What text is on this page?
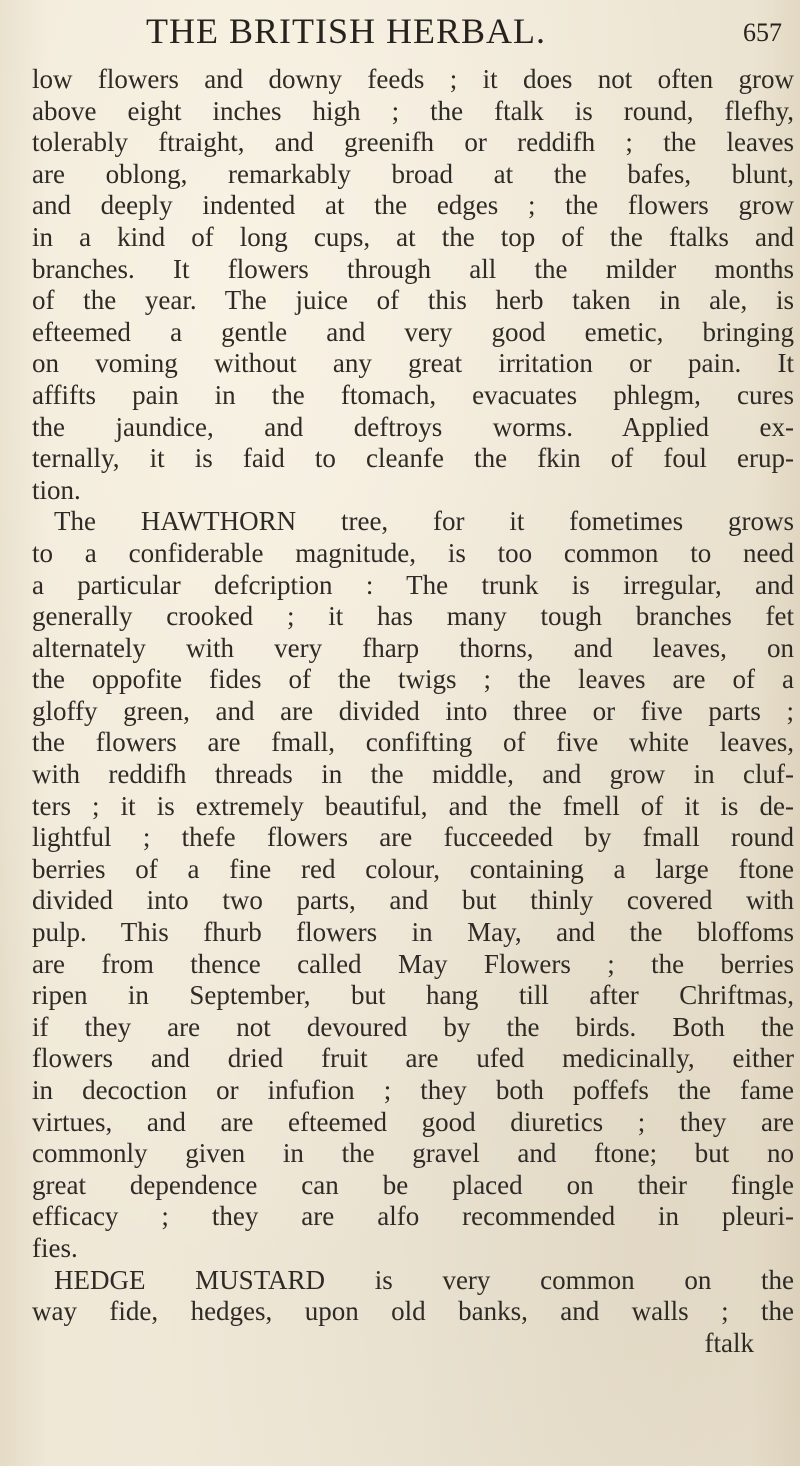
THE BRITISH HERBAL.	657
low flowers and downy feeds ; it does not often grow
above eight inches high ; the ftalk is round, flefhy,
tolerably ftraight, and greenifh or reddifh ; the leaves
are oblong, remarkably broad at the bafes, blunt,
and deeply indented at the edges ; the flowers grow
in a kind of long cups, at the top of the ftalks and
branches. It flowers through all the milder months
of the year. The juice of this herb taken in ale, is
efteemed a gentle and very good emetic, bringing
on voming without any great irritation or pain. It
affifts pain in the ftomach, evacuates phlegm, cures
the jaundice, and deftroys worms. Applied ex-
ternally, it is faid to cleanfe the fkin of foul erup-
tion.
The HAWTHORN tree, for it fometimes grows
to a confiderable magnitude, is too common to need
a particular defcription : The trunk is irregular, and
generally crooked ; it has many tough branches fet
alternately with very fharp thorns, and leaves, on
the oppofite fides of the twigs ; the leaves are of a
gloffy green, and are divided into three or five parts ;
the flowers are fmall, confifting of five white leaves,
with reddifh threads in the middle, and grow in cluf-
ters ; it is extremely beautiful, and the fmell of it is de-
lightful ; thefe flowers are fucceeded by fmall round
berries of a fine red colour, containing a large ftone
divided into two parts, and but thinly covered with
pulp. This fhurb flowers in May, and the bloffoms
are from thence called May Flowers ; the berries
ripen in September, but hang till after Chriftmas,
if they are not devoured by the birds. Both the
flowers and dried fruit are ufed medicinally, either
in decoction or infufion ; they both poffefs the fame
virtues, and are efteemed good diuretics ; they are
commonly given in the gravel and ftone; but no
great dependence can be placed on their fingle
efficacy ; they are alfo recommended in pleuri-
fies.
HEDGE MUSTARD is very common on the
way fide, hedges, upon old banks, and walls ; the
ftalk
